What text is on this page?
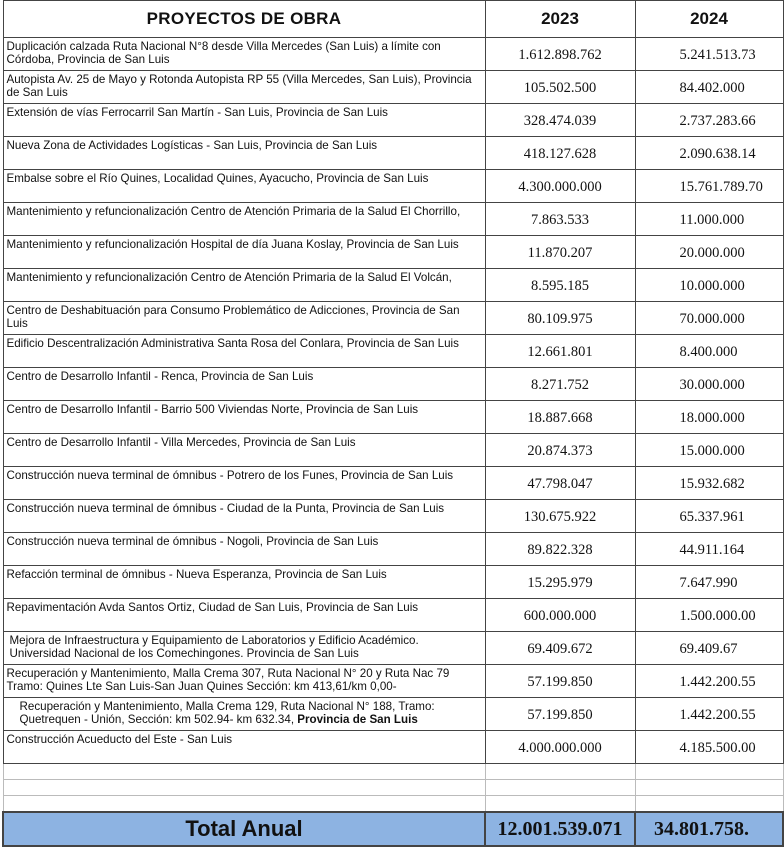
PROYECTOS DE OBRA	2023	2024
Duplicación calzada Ruta Nacional N°8 desde Villa Mercedes (San Luis) a límite con Córdoba, Provincia de San Luis	1.612.898.762	5.241.513.73
Autopista Av. 25 de Mayo y Rotonda Autopista RP 55 (Villa Mercedes, San Luis), Provincia de San Luis	105.502.500	84.402.000
Extensión de vías Ferrocarril San Martín - San Luis, Provincia de San Luis	328.474.039	2.737.283.66
Nueva Zona de Actividades Logísticas - San Luis, Provincia de San Luis	418.127.628	2.090.638.14
Embalse sobre el Río Quines, Localidad Quines, Ayacucho, Provincia de San Luis	4.300.000.000	15.761.789.70
Mantenimiento y refuncionalización Centro de Atención Primaria de la Salud El Chorrillo,	7.863.533	11.000.000
Mantenimiento y refuncionalización Hospital de día Juana Koslay, Provincia de San Luis	11.870.207	20.000.000
Mantenimiento y refuncionalización Centro de Atención Primaria de la Salud El Volcán,	8.595.185	10.000.000
Centro de Deshabituación para Consumo Problemático de Adicciones, Provincia de San Luis	80.109.975	70.000.000
Edificio Descentralización Administrativa Santa Rosa del Conlara, Provincia de San Luis	12.661.801	8.400.000
Centro de Desarrollo Infantil - Renca, Provincia de San Luis	8.271.752	30.000.000
Centro de Desarrollo Infantil - Barrio 500 Viviendas Norte, Provincia de San Luis	18.887.668	18.000.000
Centro de Desarrollo Infantil - Villa Mercedes, Provincia de San Luis	20.874.373	15.000.000
Construcción nueva terminal de ómnibus - Potrero de los Funes, Provincia de San Luis	47.798.047	15.932.682
Construcción nueva terminal de ómnibus - Ciudad de la Punta, Provincia de San Luis	130.675.922	65.337.961
Construcción nueva terminal de ómnibus - Nogoli, Provincia de San Luis	89.822.328	44.911.164
Refacción terminal de ómnibus - Nueva Esperanza, Provincia de San Luis	15.295.979	7.647.990
Repavimentación Avda Santos Ortiz, Ciudad de San Luis, Provincia de San Luis	600.000.000	1.500.000.00
Mejora de Infraestructura y Equipamiento de Laboratorios y Edificio Académico. Universidad Nacional de los Comechingones. Provincia de San Luis	69.409.672	69.409.67
Recuperación y Mantenimiento, Malla Crema 307, Ruta Nacional N° 20 y Ruta Nac 79 Tramo: Quines Lte San Luis-San Juan Quines Sección: km 413,61/km 0,00-	57.199.850	1.442.200.55
Recuperación y Mantenimiento, Malla Crema 129, Ruta Nacional N° 188, Tramo: Quetrequen - Unión, Sección: km 502.94- km 632.34, Provincia de San Luis	57.199.850	1.442.200.55
Construcción Acueducto del Este - San Luis	4.000.000.000	4.185.500.00

Total Anual	12.001.539.071	34.801.758.
